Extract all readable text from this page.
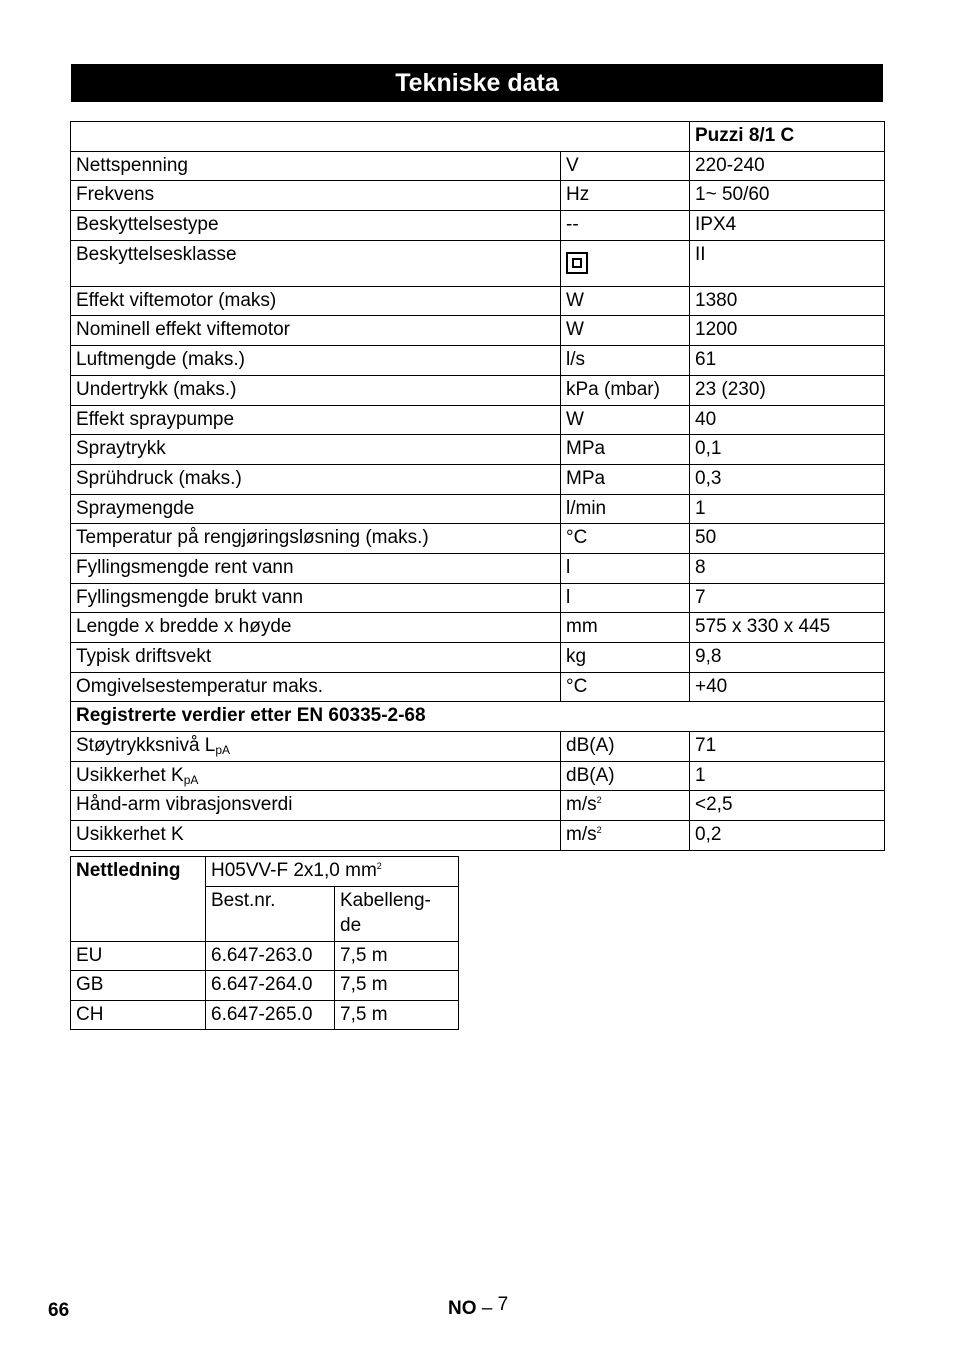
Tekniske data
		Puzzi 8/1 C
Nettspenning	V	220-240
Frekvens	Hz	1~ 50/60
Beskyttelsestype	--	IPX4
Beskyttelsesklasse		II
Effekt viftemotor (maks)	W	1380
Nominell effekt viftemotor	W	1200
Luftmengde (maks.)	l/s	61
Undertrykk (maks.)	kPa (mbar)	23 (230)
Effekt spraypumpe	W	40
Spraytrykk	MPa	0,1
Sprühdruck (maks.)	MPa	0,3
Spraymengde	l/min	1
Temperatur på rengjøringsløsning (maks.)	°C	50
Fyllingsmengde rent vann	l	8
Fyllingsmengde brukt vann	l	7
Lengde x bredde x høyde	mm	575 x 330 x 445
Typisk driftsvekt	kg	9,8
Omgivelsestemperatur maks.	°C	+40
Registrerte verdier etter EN 60335-2-68		
Støytrykksnivå $L_{pA}$	dB(A)	71
Usikkerhet $K_{pA}$	dB(A)	1
Hånd-arm vibrasjonsverdi	$m/s^2$	<2,5
Usikkerhet K	$m/s^2$	0,2
Nettledning	H05VV-F 2x1,0 $mm^2$
	Best.nr.	Kabelleng-
de
EU	6.647-263.0	7,5 m
GB	6.647-264.0	7,5 m
CH	6.647-265.0	7,5 m
66	NO – 7
